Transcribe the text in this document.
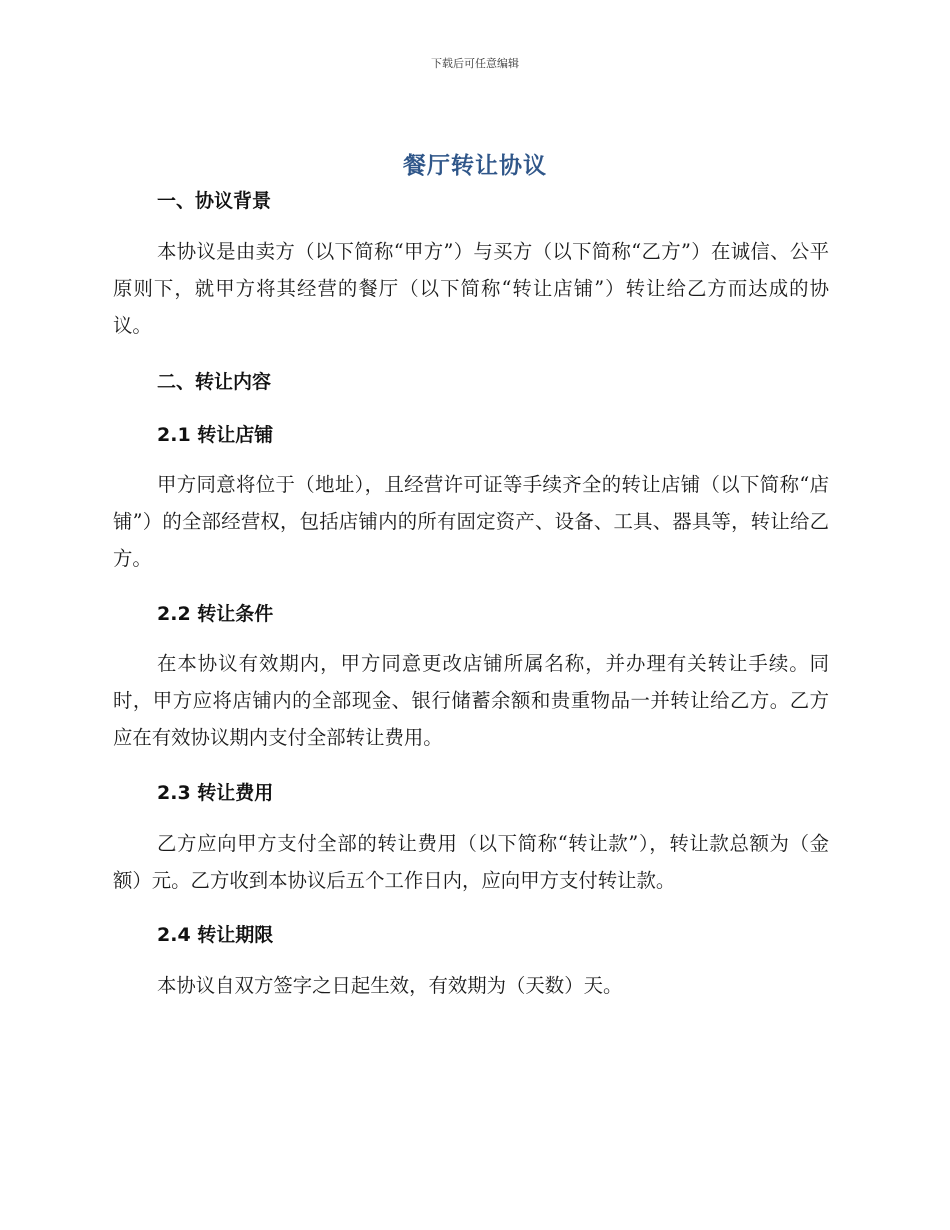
下载后可任意编辑
餐厅转让协议
一、协议背景
本协议是由卖方（以下简称“甲方”）与买方（以下简称“乙方”）在诚信、公平原则下，就甲方将其经营的餐厅（以下简称“转让店铺”）转让给乙方而达成的协议。
二、转让内容
2.1 转让店铺
甲方同意将位于（地址），且经营许可证等手续齐全的转让店铺（以下简称“店铺”）的全部经营权，包括店铺内的所有固定资产、设备、工具、器具等，转让给乙方。
2.2 转让条件
在本协议有效期内，甲方同意更改店铺所属名称，并办理有关转让手续。同时，甲方应将店铺内的全部现金、银行储蓄余额和贵重物品一并转让给乙方。乙方应在有效协议期内支付全部转让费用。
2.3 转让费用
乙方应向甲方支付全部的转让费用（以下简称“转让款”），转让款总额为（金额）元。乙方收到本协议后五个工作日内，应向甲方支付转让款。
2.4 转让期限
本协议自双方签字之日起生效，有效期为（天数）天。
